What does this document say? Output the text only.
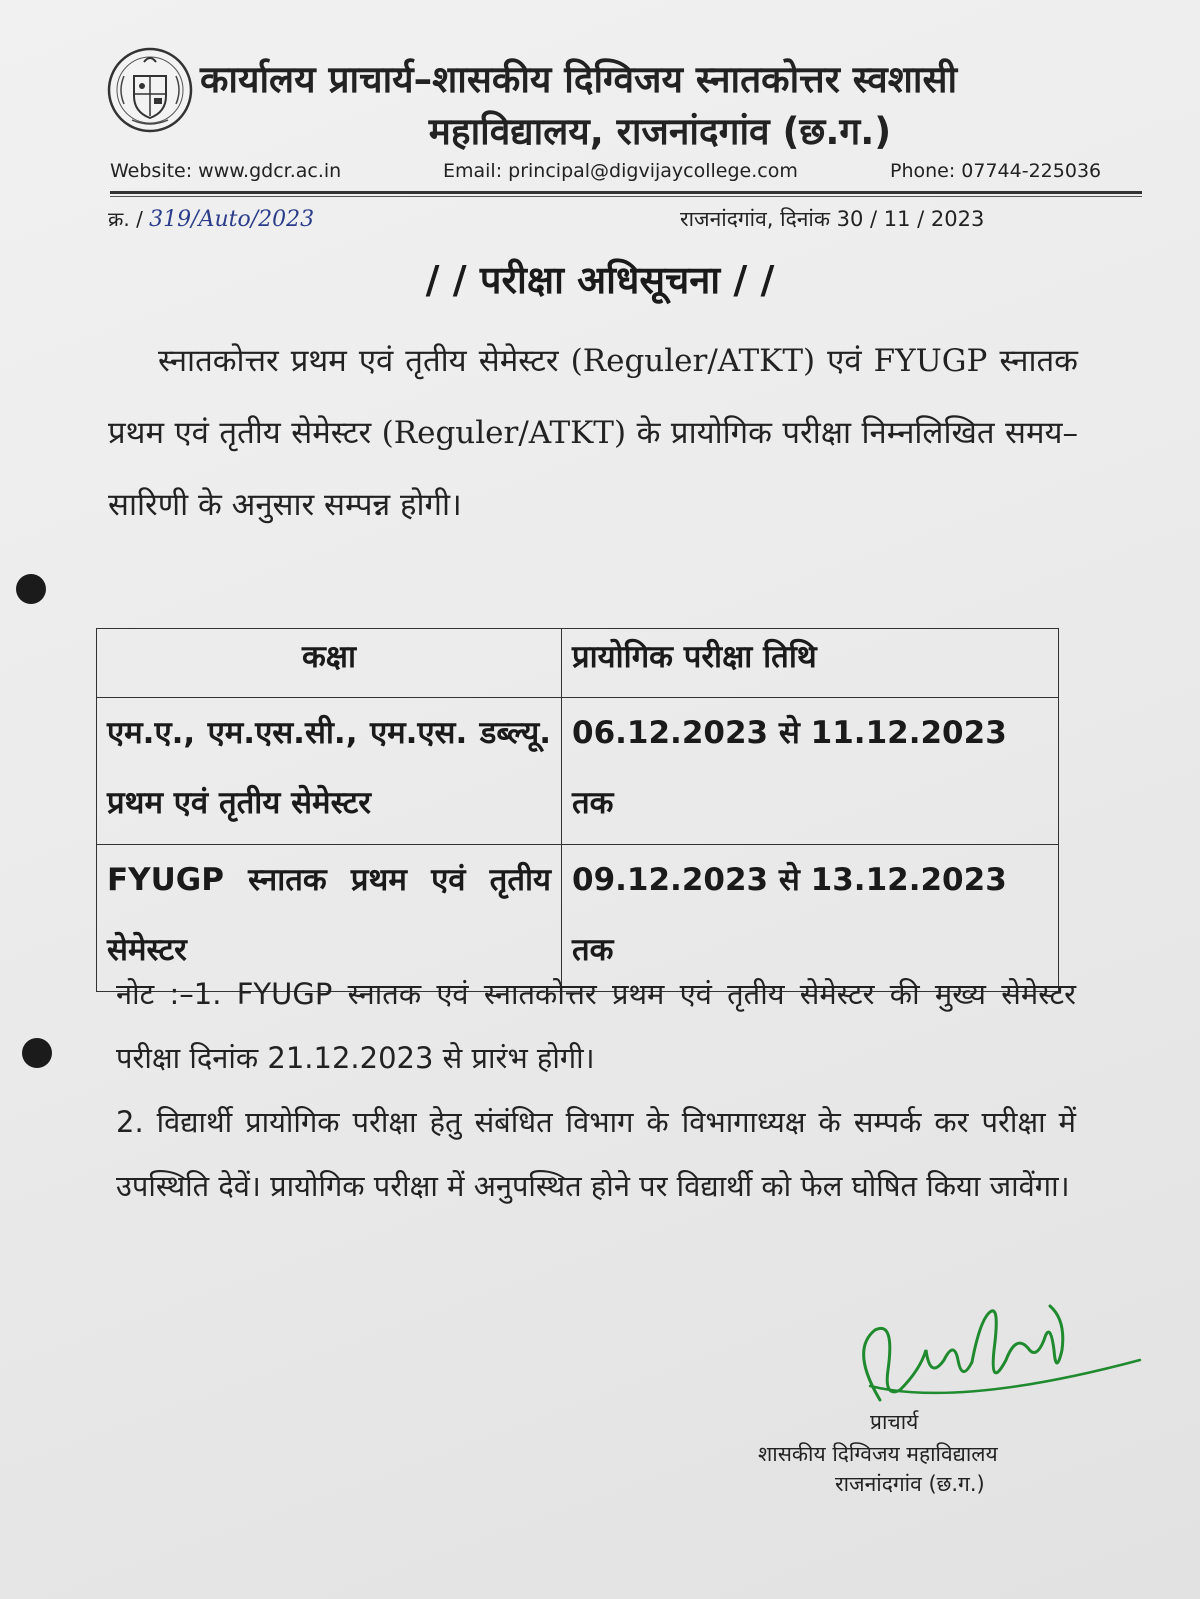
कार्यालय प्राचार्य–शासकीय दिग्विजय स्नातकोत्तर स्वशासी
महाविद्यालय, राजनांदगांव (छ.ग.)
Website: www.gdcr.ac.in	Email: principal@digvijaycollege.com	Phone: 07744-225036
क्र. / 319/Auto/2023	राजनांदगांव, दिनांक 30 / 11 / 2023
/ / परीक्षा अधिसूचना / /

स्नातकोत्तर प्रथम एवं तृतीय सेमेस्टर (Reguler/ATKT) एवं FYUGP स्नातक प्रथम एवं तृतीय सेमेस्टर (Reguler/ATKT) के प्रायोगिक परीक्षा निम्नलिखित समय–सारिणी के अनुसार सम्पन्न होगी।

कक्षा	प्रायोगिक परीक्षा तिथि
एम.ए., एम.एस.सी., एम.एस. डब्ल्यू. प्रथम एवं तृतीय सेमेस्टर	06.12.2023 से 11.12.2023 तक
FYUGP स्नातक प्रथम एवं तृतीय सेमेस्टर	09.12.2023 से 13.12.2023 तक

नोट :–1. FYUGP स्नातक एवं स्नातकोत्तर प्रथम एवं तृतीय सेमेस्टर की मुख्य सेमेस्टर परीक्षा दिनांक 21.12.2023 से प्रारंभ होगी।

2. विद्यार्थी प्रायोगिक परीक्षा हेतु संबंधित विभाग के विभागाध्यक्ष के सम्पर्क कर परीक्षा में उपस्थिति देवें। प्रायोगिक परीक्षा में अनुपस्थित होने पर विद्यार्थी को फेल घोषित किया जावेंगा।

प्राचार्य
शासकीय दिग्विजय महाविद्यालय
राजनांदगांव (छ.ग.)
